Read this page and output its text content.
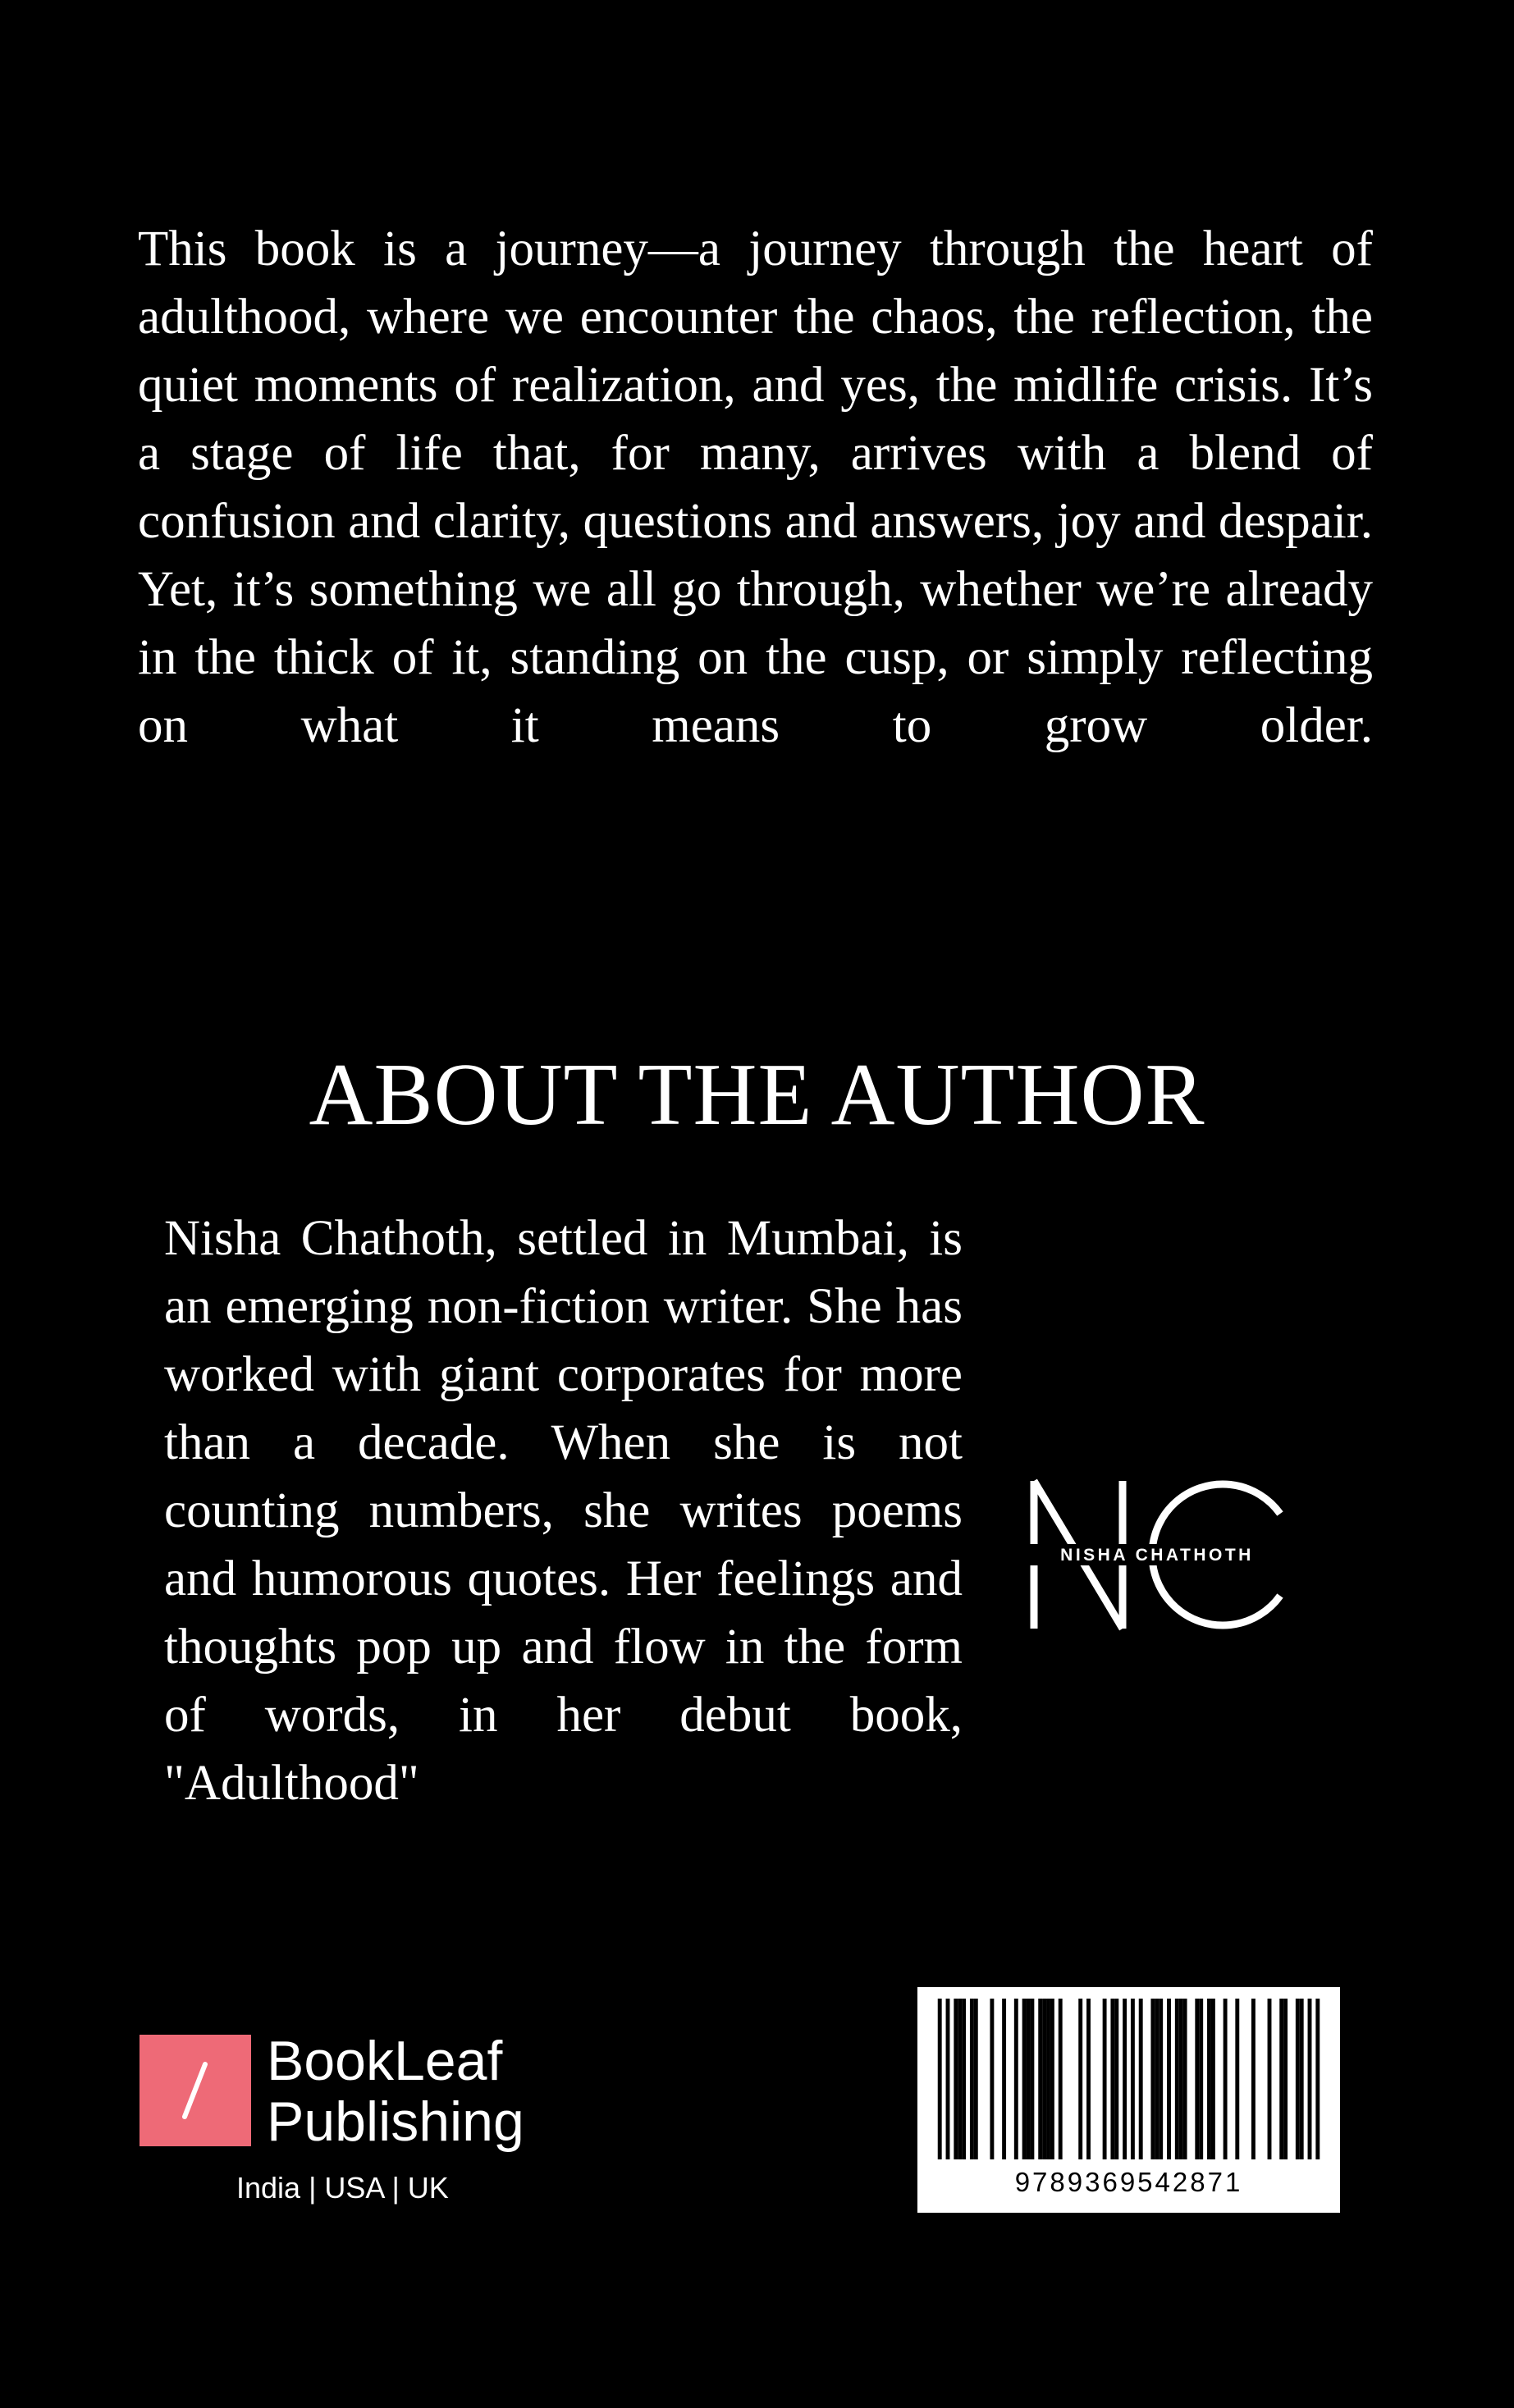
This book is a journey—a journey through the heart of adulthood, where we encounter the chaos, the reflection, the quiet moments of realization, and yes, the midlife crisis. It’s a stage of life that, for many, arrives with a blend of confusion and clarity, questions and answers, joy and despair. Yet, it’s something we all go through, whether we’re already in the thick of it, standing on the cusp, or simply reflecting on what it means to grow older.
ABOUT THE AUTHOR
Nisha Chathoth, settled in Mumbai, is an emerging non-fiction writer. She has worked with giant corporates for more than a decade. When she is not counting numbers, she writes poems and humorous quotes. Her feelings and thoughts pop up and flow in the form of words, in her debut book, "Adulthood"
NISHA CHATHOTH
BookLeaf
Publishing
India | USA | UK	9789369542871
